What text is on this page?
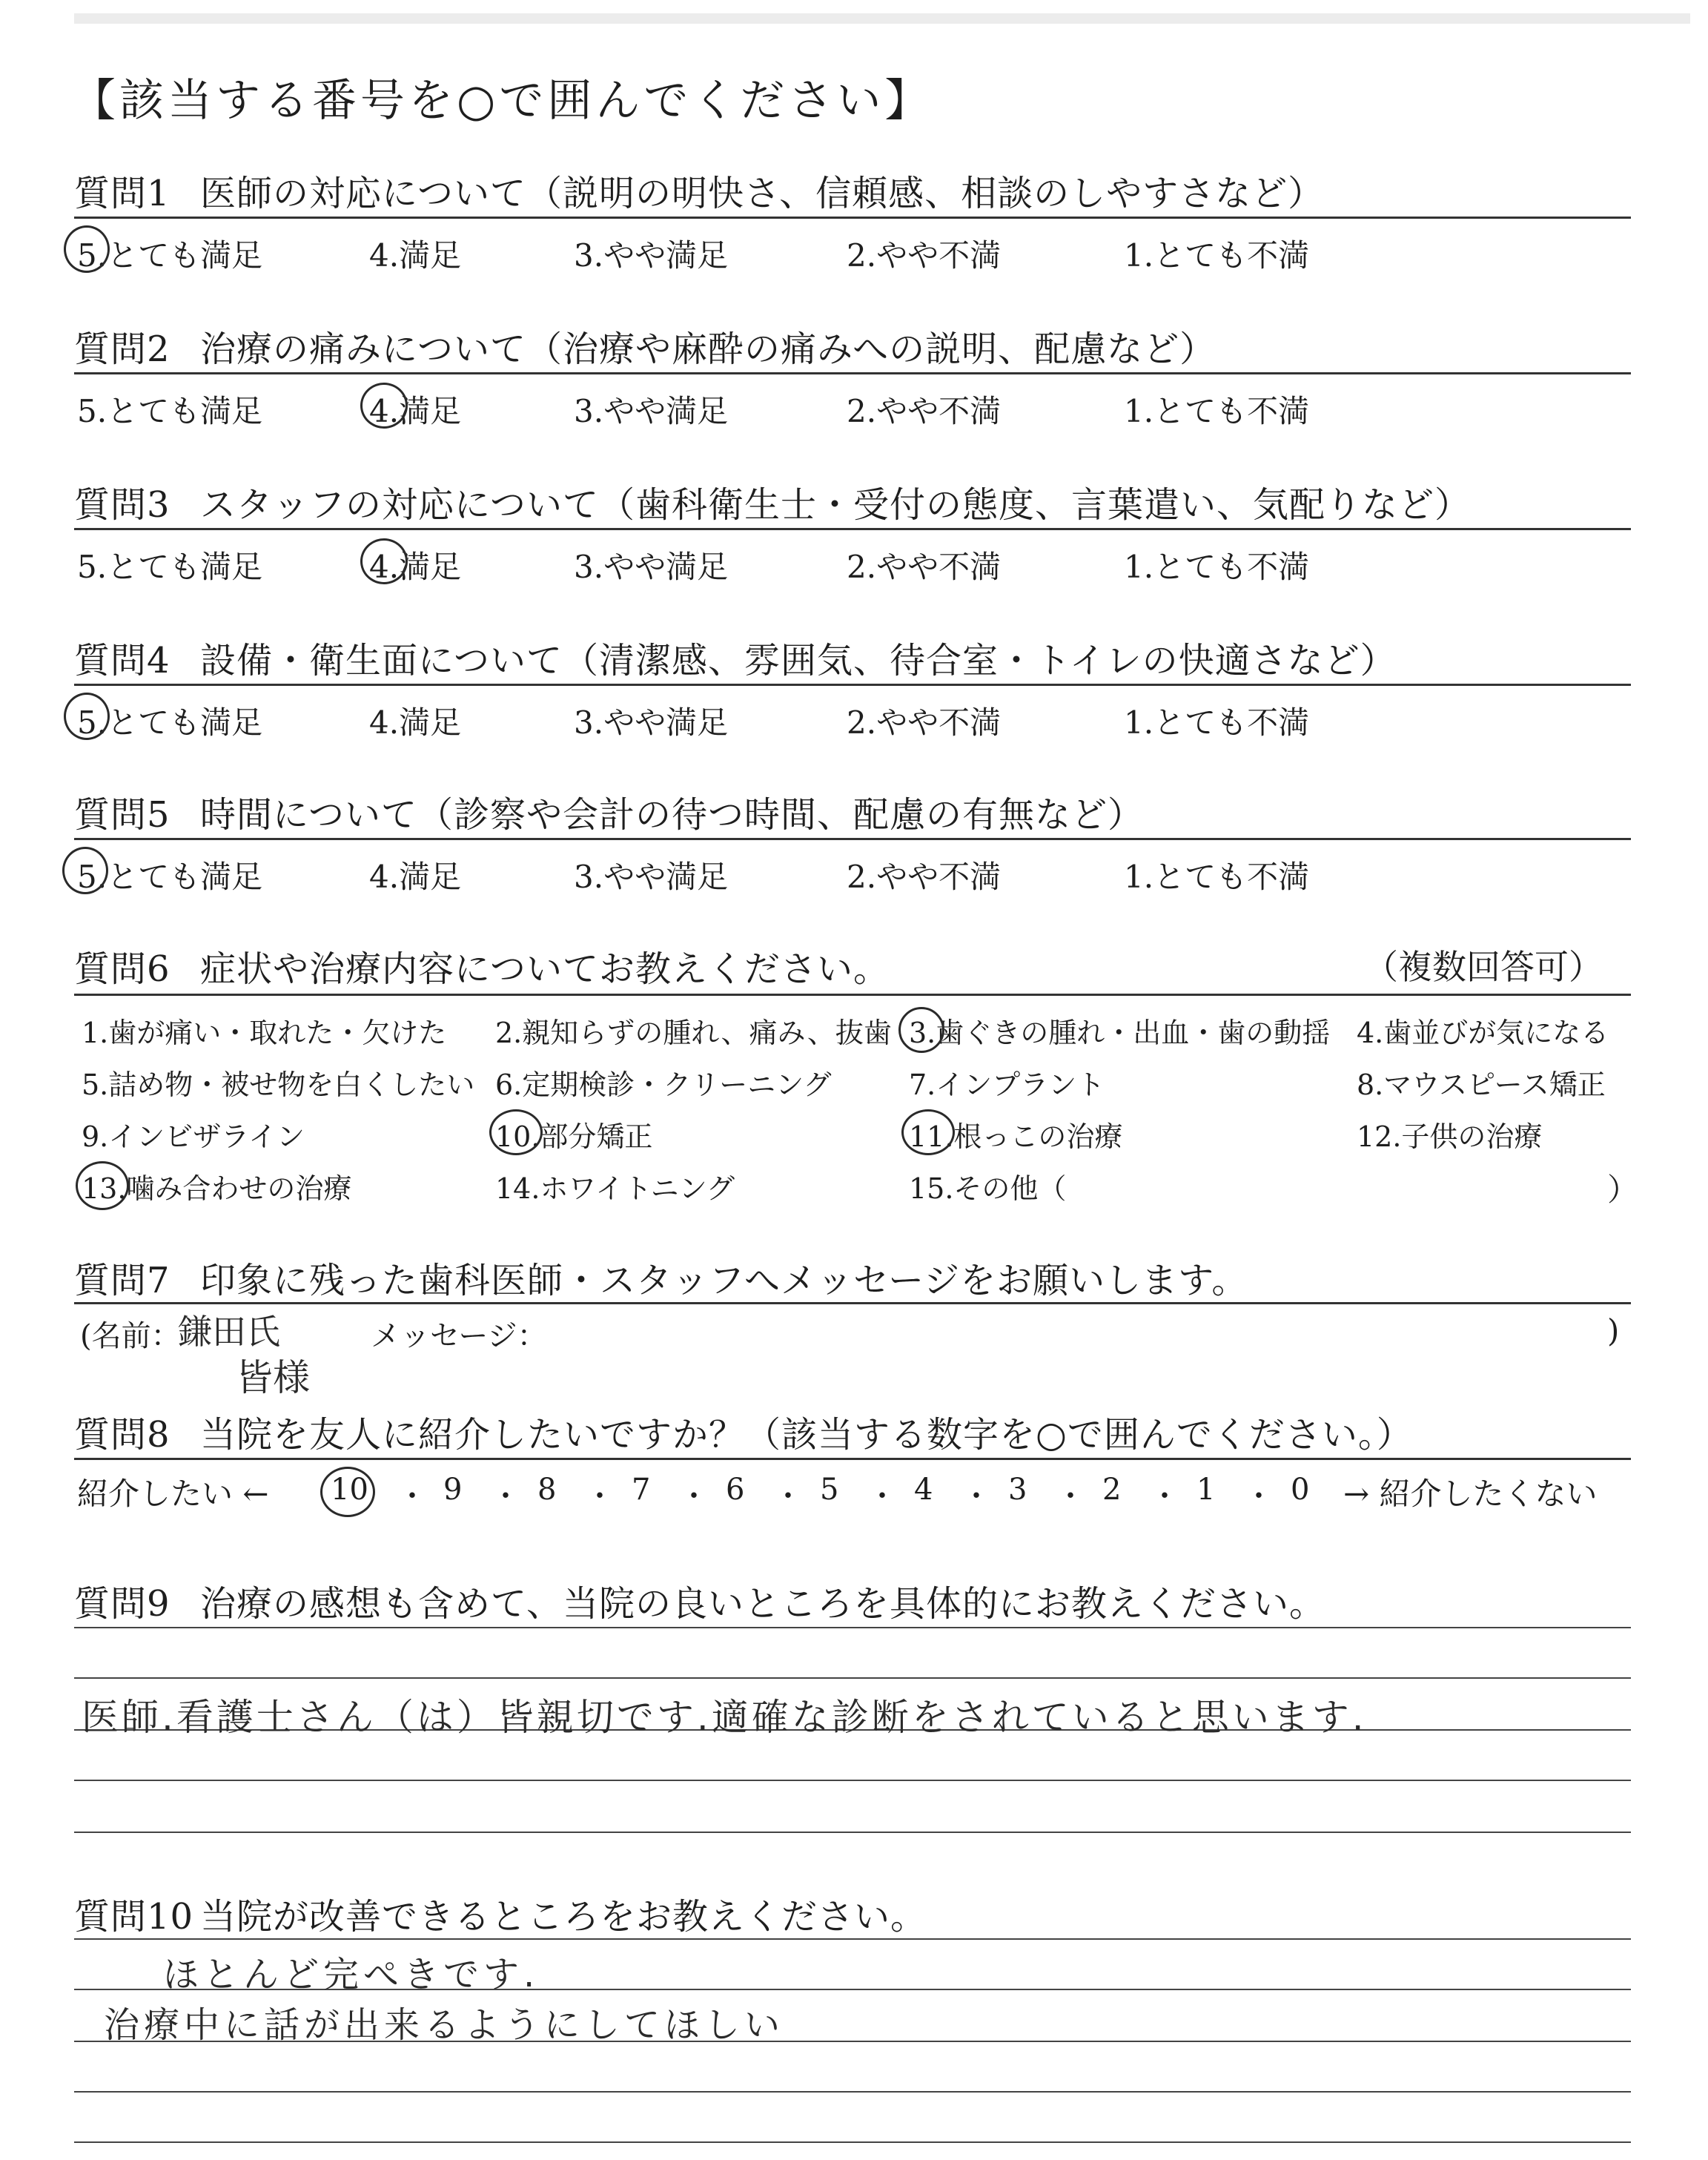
【該当する番号を○で囲んでください】
質問1 医師の対応について（説明の明快さ、信頼感、相談のしやすさなど）
5.とても満足	4.満足	3.やや満足	2.やや不満	1.とても不満
質問2 治療の痛みについて（治療や麻酔の痛みへの説明、配慮など）
5.とても満足	4.満足	3.やや満足	2.やや不満	1.とても不満
質問3 スタッフの対応について（歯科衛生士・受付の態度、言葉遣い、気配りなど）
5.とても満足	4.満足	3.やや満足	2.やや不満	1.とても不満
質問4 設備・衛生面について（清潔感、雰囲気、待合室・トイレの快適さなど）
5.とても満足	4.満足	3.やや満足	2.やや不満	1.とても不満
質問5 時間について（診察や会計の待つ時間、配慮の有無など）
5.とても満足	4.満足	3.やや満足	2.やや不満	1.とても不満
質問6 症状や治療内容についてお教えください。	（複数回答可）
1.歯が痛い・取れた・欠けた 2.親知らずの腫れ、痛み、抜歯 3.歯ぐきの腫れ・出血・歯の動揺 4.歯並びが気になる
5.詰め物・被せ物を白くしたい 6.定期検診・クリーニング	7.インプラント	8.マウスピース矯正
9.インビザライン	10.部分矯正	11.根っこの治療	12.子供の治療
13.噛み合わせの治療	14.ホワイトニング	15.その他（	）
質問7 印象に残った歯科医師・スタッフへメッセージをお願いします。
(名前：
鎌田氏	メッセージ：	)
皆様
質問8 当院を友人に紹介したいですか？（該当する数字を○で囲んでください。）
紹介したい ←	→ 紹介したくない
10	9	8	7	6	5	4	3	2	1	0
・ ・ ・ ・ ・ ・ ・ ・ ・ ・
質問9 治療の感想も含めて、当院の良いところを具体的にお教えください。
医師.看護士さん（は）皆親切です.適確な診断をされていると思います.
質問10 当院が改善できるところをお教えください。
ほとんど完ぺきです.
治療中に話が出来るようにしてほしい
